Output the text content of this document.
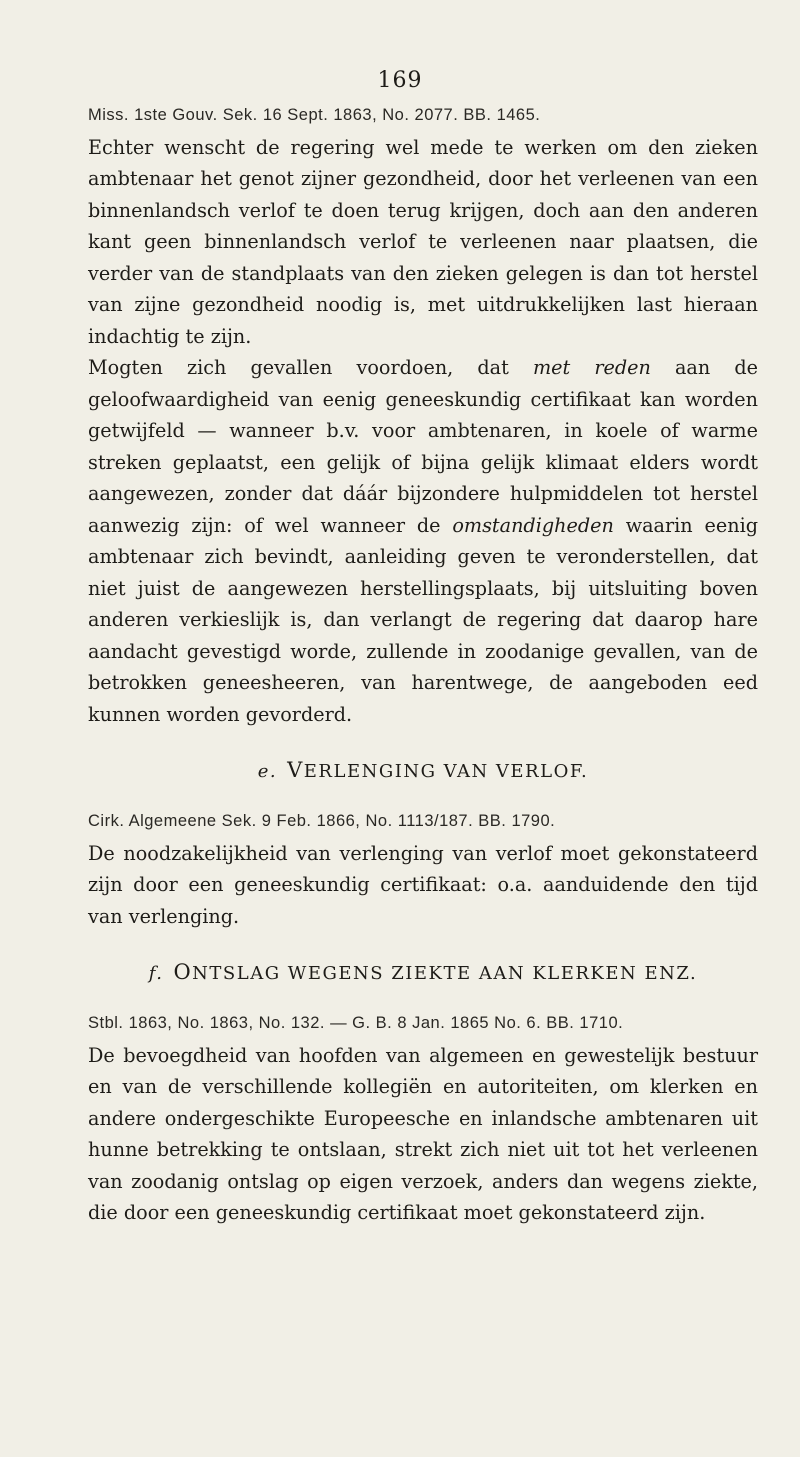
169
Miss. 1ste Gouv. Sek. 16 Sept. 1863, No. 2077. BB. 1465.

Echter wenscht de regering wel mede te werken om den zieken ambtenaar het genot zijner gezondheid, door het verleenen van een binnenlandsch verlof te doen terug krijgen, doch aan den anderen kant geen binnenlandsch verlof te verleenen naar plaatsen, die verder van de standplaats van den zieken gelegen is dan tot herstel van zijne gezondheid noodig is, met uitdrukkelijken last hieraan indachtig te zijn.

Mogten zich gevallen voordoen, dat met reden aan de geloofwaardigheid van eenig geneeskundig certifikaat kan worden getwijfeld — wanneer b.v. voor ambtenaren, in koele of warme streken geplaatst, een gelijk of bijna gelijk klimaat elders wordt aangewezen, zonder dat dáár bijzondere hulpmiddelen tot herstel aanwezig zijn: of wel wanneer de omstandigheden waarin eenig ambtenaar zich bevindt, aanleiding geven te veronderstellen, dat niet juist de aangewezen herstellingsplaats, bij uitsluiting boven anderen verkieslijk is, dan verlangt de regering dat daarop hare aandacht gevestigd worde, zullende in zoodanige gevallen, van de betrokken geneesheeren, van harentwege, de aangeboden eed kunnen worden gevorderd.

e. VERLENGING VAN VERLOF.
Cirk. Algemeene Sek. 9 Feb. 1866, No. 1113/187. BB. 1790.

De noodzakelijkheid van verlenging van verlof moet gekonstateerd zijn door een geneeskundig certifikaat: o.a. aanduidende den tijd van verlenging.

f. ONTSLAG WEGENS ZIEKTE AAN KLERKEN ENZ.
Stbl. 1863, No. 1863, No. 132. — G. B. 8 Jan. 1865 No. 6. BB. 1710.

De bevoegdheid van hoofden van algemeen en gewestelijk bestuur en van de verschillende kollegiën en autoriteiten, om klerken en andere ondergeschikte Europeesche en inlandsche ambtenaren uit hunne betrekking te ontslaan, strekt zich niet uit tot het verleenen van zoodanig ontslag op eigen verzoek, anders dan wegens ziekte, die door een geneeskundig certifikaat moet gekonstateerd zijn.
